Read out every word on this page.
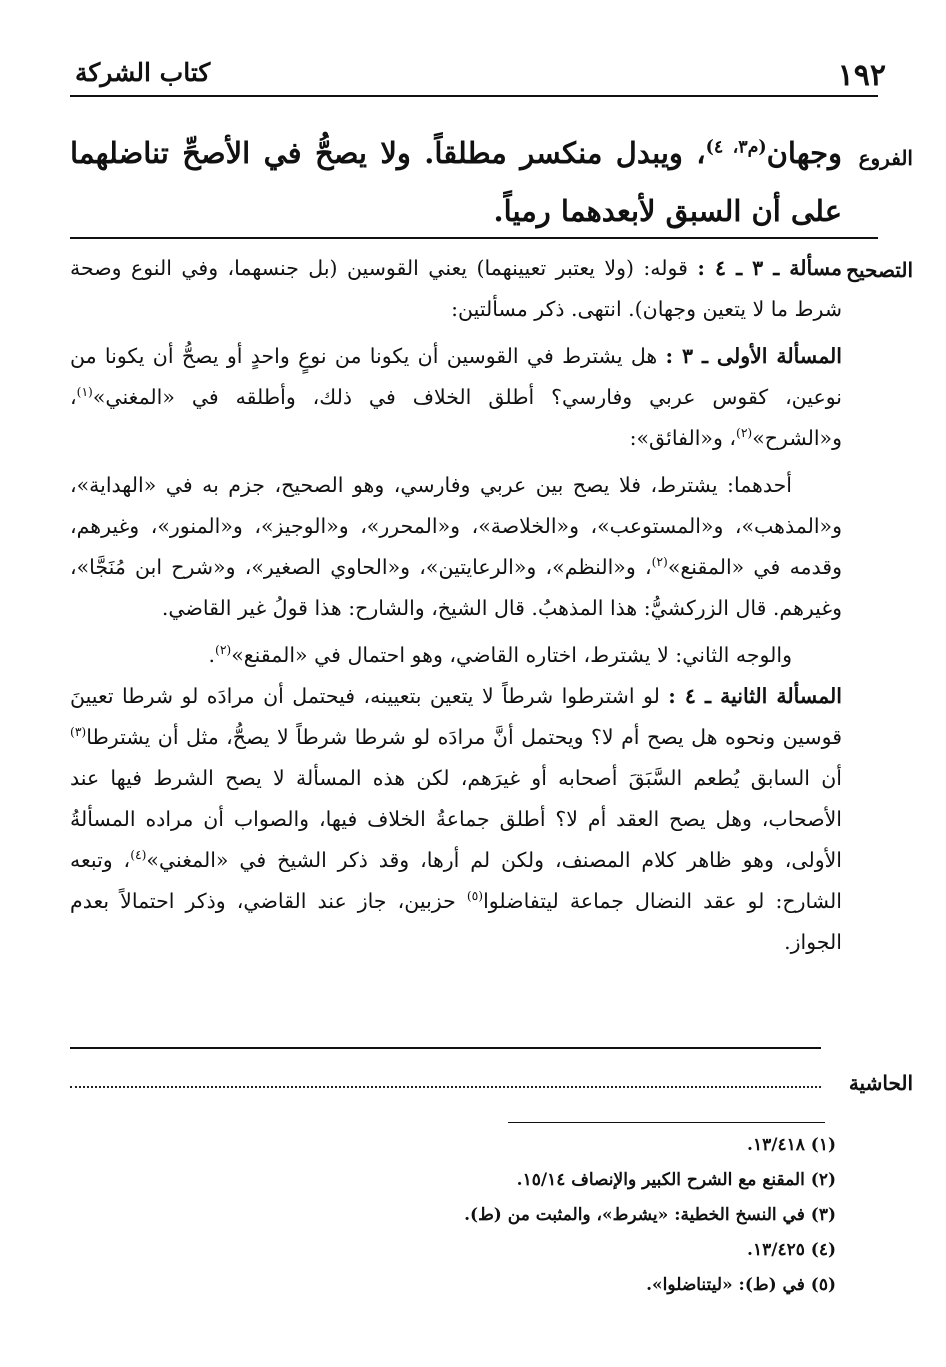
١٩٢
كتاب الشركة
الفروع
وجهان$^{(م٣، ٤)}$، ويبدل منكسر مطلقاً. ولا يصحُّ في الأصحِّ تناضلهما على أن السبق لأبعدهما رمياً.
التصحيح

مسألة ـ ٣ ـ ٤ : قوله: (ولا يعتبر تعيينهما) يعني القوسين (بل جنسهما، وفي النوع وصحة شرط ما لا يتعين وجهان). انتهى. ذكر مسألتين:

المسألة الأولى ـ ٣ : هل يشترط في القوسين أن يكونا من نوعٍ واحدٍ أو يصحُّ أن يكونا من نوعين، كقوس عربي وفارسي؟ أطلق الخلاف في ذلك، وأطلقه في «المغني»$^{(١)}$، و«الشرح»$^{(٢)}$، و«الفائق»:

أحدهما: يشترط، فلا يصح بين عربي وفارسي، وهو الصحيح، جزم به في «الهداية»، و«المذهب»، و«المستوعب»، و«الخلاصة»، و«المحرر»، و«الوجيز»، و«المنور»، وغيرهم، وقدمه في «المقنع»$^{(٢)}$، و«النظم»، و«الرعايتين»، و«الحاوي الصغير»، و«شرح ابن مُنَجَّا»، وغيرهم. قال الزركشيُّ: هذا المذهبُ. قال الشيخ، والشارح: هذا قولُ غير القاضي.

والوجه الثاني: لا يشترط، اختاره القاضي، وهو احتمال في «المقنع»$^{(٢)}$.

المسألة الثانية ـ ٤ : لو اشترطوا شرطاً لا يتعين بتعيينه، فيحتمل أن مرادَه لو شرطا تعيينَ قوسين ونحوه هل يصح أم لا؟ ويحتمل أنَّ مرادَه لو شرطا شرطاً لا يصحُّ، مثل أن يشترطا$^{(٣)}$ أن السابق يُطعم السَّبَقَ أصحابه أو غيرَهم، لكن هذه المسألة لا يصح الشرط فيها عند الأصحاب، وهل يصح العقد أم لا؟ أطلق جماعةُ الخلاف فيها، والصواب أن مراده المسألةُ الأولى، وهو ظاهر كلام المصنف، ولكن لم أرها، وقد ذكر الشيخ في «المغني»$^{(٤)}$، وتبعه الشارح: لو عقد النضال جماعة ليتفاضلوا$^{(٥)}$ حزبين، جاز عند القاضي، وذكر احتمالاً بعدم الجواز.

الحاشية
(١) ١٣/٤١٨.
(٢) المقنع مع الشرح الكبير والإنصاف ١٥/١٤.
(٣) في النسخ الخطية: «يشرط»، والمثبت من (ط).
(٤) ١٣/٤٢٥.
(٥) في (ط): «ليتناضلوا».
